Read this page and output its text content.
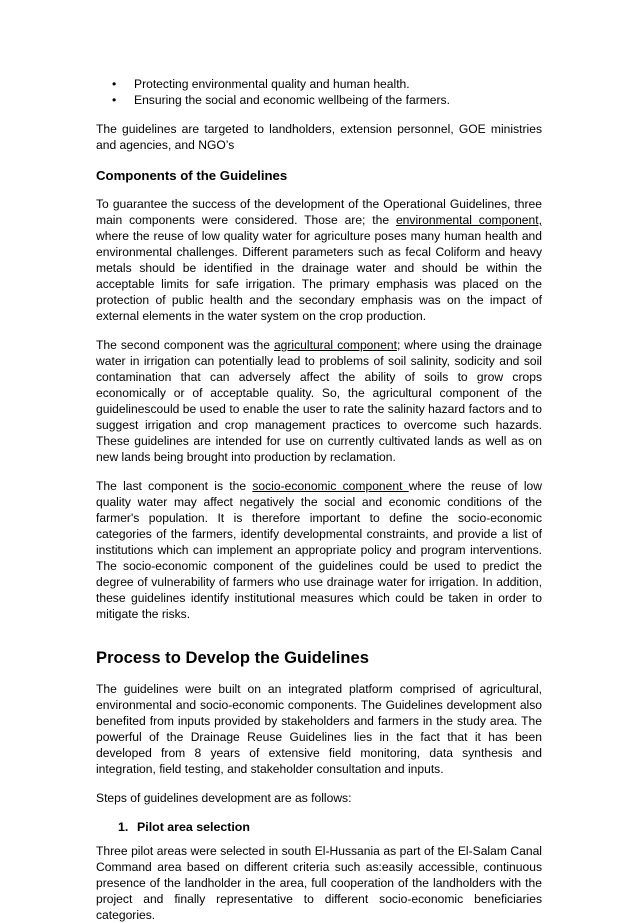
• Protecting environmental quality and human health.
• Ensuring the social and economic wellbeing of the farmers.

The guidelines are targeted to landholders, extension personnel, GOE ministries and agencies, and NGO’s

Components of the Guidelines

To guarantee the success of the development of the Operational Guidelines, three main components were considered. Those are; the environmental component, where the reuse of low quality water for agriculture poses many human health and environmental challenges. Different parameters such as fecal Coliform and heavy metals should be identified in the drainage water and should be within the acceptable limits for safe irrigation. The primary emphasis was placed on the protection of public health and the secondary emphasis was on the impact of external elements in the water system on the crop production.

The second component was the agricultural component; where using the drainage water in irrigation can potentially lead to problems of soil salinity, sodicity and soil contamination that can adversely affect the ability of soils to grow crops economically or of acceptable quality. So, the agricultural component of the guidelinescould be used to enable the user to rate the salinity hazard factors and to suggest irrigation and crop management practices to overcome such hazards. These guidelines are intended for use on currently cultivated lands as well as on new lands being brought into production by reclamation.

The last component is the socio-economic component where the reuse of low quality water may affect negatively the social and economic conditions of the farmer's population. It is therefore important to define the socio-economic categories of the farmers, identify developmental constraints, and provide a list of institutions which can implement an appropriate policy and program interventions. The socio-economic component of the guidelines could be used to predict the degree of vulnerability of farmers who use drainage water for irrigation. In addition, these guidelines identify institutional measures which could be taken in order to mitigate the risks.

Process to Develop the Guidelines

The guidelines were built on an integrated platform comprised of agricultural, environmental and socio-economic components. The Guidelines development also benefited from inputs provided by stakeholders and farmers in the study area. The powerful of the Drainage Reuse Guidelines lies in the fact that it has been developed from 8 years of extensive field monitoring, data synthesis and integration, field testing, and stakeholder consultation and inputs.

Steps of guidelines development are as follows:

1. Pilot area selection

Three pilot areas were selected in south El-Hussania as part of the El-Salam Canal Command area based on different criteria such as:easily accessible, continuous presence of the landholder in the area, full cooperation of the landholders with the project and finally representative to different socio-economic beneficiaries categories.
